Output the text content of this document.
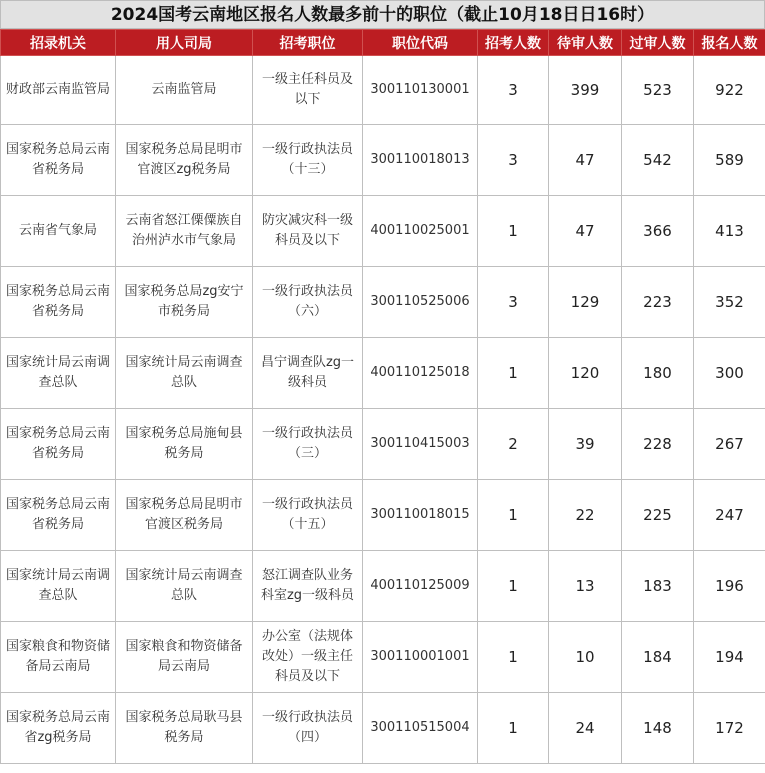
2024国考云南地区报名人数最多前十的职位（截止10月18日日16时）
招录机关	用人司局	招考职位	职位代码	招考人数	待审人数	过审人数	报名人数
财政部云南监管局	云南监管局	一级主任科员及以下	300110130001	3	399	523	922
国家税务总局云南省税务局	国家税务总局昆明市官渡区zg税务局	一级行政执法员（十三）	300110018013	3	47	542	589
云南省气象局	云南省怒江傈僳族自治州泸水市气象局	防灾减灾科一级科员及以下	400110025001	1	47	366	413
国家税务总局云南省税务局	国家税务总局zg安宁市税务局	一级行政执法员（六）	300110525006	3	129	223	352
国家统计局云南调查总队	国家统计局云南调查总队	昌宁调查队zg一级科员	400110125018	1	120	180	300
国家税务总局云南省税务局	国家税务总局施甸县税务局	一级行政执法员（三）	300110415003	2	39	228	267
国家税务总局云南省税务局	国家税务总局昆明市官渡区税务局	一级行政执法员（十五）	300110018015	1	22	225	247
国家统计局云南调查总队	国家统计局云南调查总队	怒江调查队业务科室zg一级科员	400110125009	1	13	183	196
国家粮食和物资储备局云南局	国家粮食和物资储备局云南局	办公室（法规体改处）一级主任科员及以下	300110001001	1	10	184	194
国家税务总局云南省zg税务局	国家税务总局耿马县税务局	一级行政执法员（四）	300110515004	1	24	148	172
